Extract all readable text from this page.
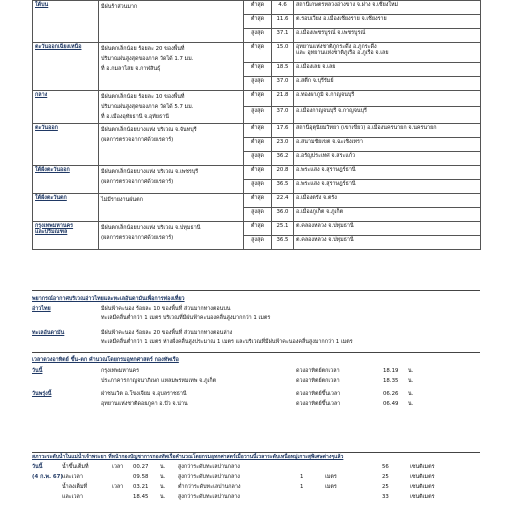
ใต้บน	มีฝนร้าส่วนมาก	ต่ำสุด	4.6	สถานีเกษตรหลวงอ่างขาง จ.ฝาง จ.เชียงใหม่

		ต่ำสุด	11.6	ต.รอบเวียง อ.เมืองเชียงราย จ.เชียงราย

		สูงสุด	37.1	อ.เมืองเพชรบูรณ์ จ.เพชรบูรณ์

ตะวันออกเฉียงเหนือ	มีฝนตกเล็กน้อย ร้อยละ 20 ของพื้นที่
ปริมาณฝนสูงสุดของภาค วัดได้ 1.7 มม.
ที่ อ.กมลาไสย จ.กาฬสินธุ์	ต่ำสุด	15.0	อุทยานแห่งชาติภูกระดึง อ.ภูกระดึง
และ อุทยานแห่งชาติภูเรือ อ.ภูเรือ จ.เลย

		ต่ำสุด	18.5	อ.เมืองเลย จ.เลย

		สูงสุด	37.0	อ.สตึก จ.บุรีรัมย์

กลาง	มีฝนตกเล็กน้อย ร้อยละ 10 ของพื้นที่
ปริมาณฝนสูงสุดของภาค วัดได้ 5.7 มม.
ที่ อ.เมืองอุทัยธานี จ.อุทัยธานี	ต่ำสุด	21.8	อ.ทองผาภูมิ จ.กาญจนบุรี

		สูงสุด	37.0	อ.เมืองกาญจนบุรี จ.กาญจนบุรี

ตะวันออก	มีฝนตกเล็กน้อยบางแห่ง บริเวณ จ.จันทบุรี
(ผลการตรวจอากาศด้วยเรดาร์)	ต่ำสุด	17.6	สถานีอุตุนิยมวิทยา (เขาเขียว) อ.เมืองนครนายก จ.นครนายก

		ต่ำสุด	23.0	อ.สนามชัยเขต จ.ฉะเชิงเทรา

		สูงสุด	36.2	อ.อรัญประเทศ จ.สระแก้ว

ใต้ฝั่งตะวันออก	มีฝนตกเล็กน้อยบางแห่ง บริเวณ จ.เพชรบุรี
(ผลการตรวจอากาศด้วยเรดาร์)	ต่ำสุด	20.8	อ.พระแสง จ.สุราษฎร์ธานี

		สูงสุด	36.5	อ.พระแสง จ.สุราษฎร์ธานี

ใต้ฝั่งตะวันตก	ไม่มีรายงานฝนตก	ต่ำสุด	22.4	อ.เมืองตรัง จ.ตรัง

		สูงสุด	36.0	อ.เมืองภูเก็ต จ.ภูเก็ต

กรุงเทพมหานคร
และปริมณฑล	มีฝนตกเล็กน้อยบางแห่ง บริเวณ จ.ปทุมธานี
(ผลการตรวจอากาศด้วยเรดาร์)	ต่ำสุด	25.1	ต.คลองหลวง จ.ปทุมธานี

		สูงสุด	36.5	ต.คลองหลวง จ.ปทุมธานี
พยากรณ์อากาศบริเวณอ่าวไทยและทะเลอันดามันเพื่อการท่องเที่ยว
อ่าวไทย	มีฝนฟ้าคะนอง ร้อยละ 10 ของพื้นที่ ส่วนมากทางตอนบน
ทะเลมีคลื่นต่ำกว่า 1 เมตร บริเวณที่มีฝนฟ้าคะนองคลื่นสูงมากกว่า 1 เมตร
ทะเลอันดามัน	มีฝนฟ้าคะนอง ร้อยละ 20 ของพื้นที่ ส่วนมากทางตอนล่าง
ทะเลมีคลื่นต่ำกว่า 1 เมตร ห่างฝั่งคลื่นสูงประมาณ 1 เมตร และบริเวณที่มีฝนฟ้าคะนองคลื่นสูงมากกว่า 1 เมตร
เวลาดวงอาทิตย์ ขึ้น-ตก คำนวณโดยกรมอุทกศาสตร์ กองทัพเรือ
วันนี้	กรุงเทพมหานคร	ดวงอาทิตย์ตกเวลา	18.19 น.
ประภาคารกาญจนาภิเษก แหลมพรหมเทพ จ.ภูเก็ต	ดวงอาทิตย์ตกเวลา	18.35 น.
วันพรุ่งนี้	ฝาชนเวิต อ.โขงเจียม จ.อุบลราชธานี	ดวงอาทิตย์ขึ้นเวลา	06.26 น.
อุทยานแห่งชาติดอยภูคา อ.ปัว จ.น่าน	ดวงอาทิตย์ขึ้นเวลา	06.49 น.
สภาวะระดับน้ำในแม่น้ำเจ้าพระยา ที่หน้ากองบัญชาการกองทัพเรือคำนวณโดยกรมอุทกศาสตร์เมื่อวานนี้เวลาระดับเหนือหมู่เกาะสุพิเศษต่างๆแล้ว
วันนี้
(4 ก.พ. 67)
น้ำขึ้นเต็มที่	เวลา 00.27 น. สูงกว่าระดับทะเลปานกลาง	56	เซนติเมตร
และเวลา	09.58 น. สูงกว่าระดับทะเลปานกลาง	1	เมตร	25	เซนติเมตร
น้ำลงเต็มที่	เวลา 03.21 น. ต่ำกว่าระดับทะเลปานกลาง	1	เมตร	25	เซนติเมตร
และเวลา	18.45 น. สูงกว่าระดับทะเลปานกลาง	33	เซนติเมตร
